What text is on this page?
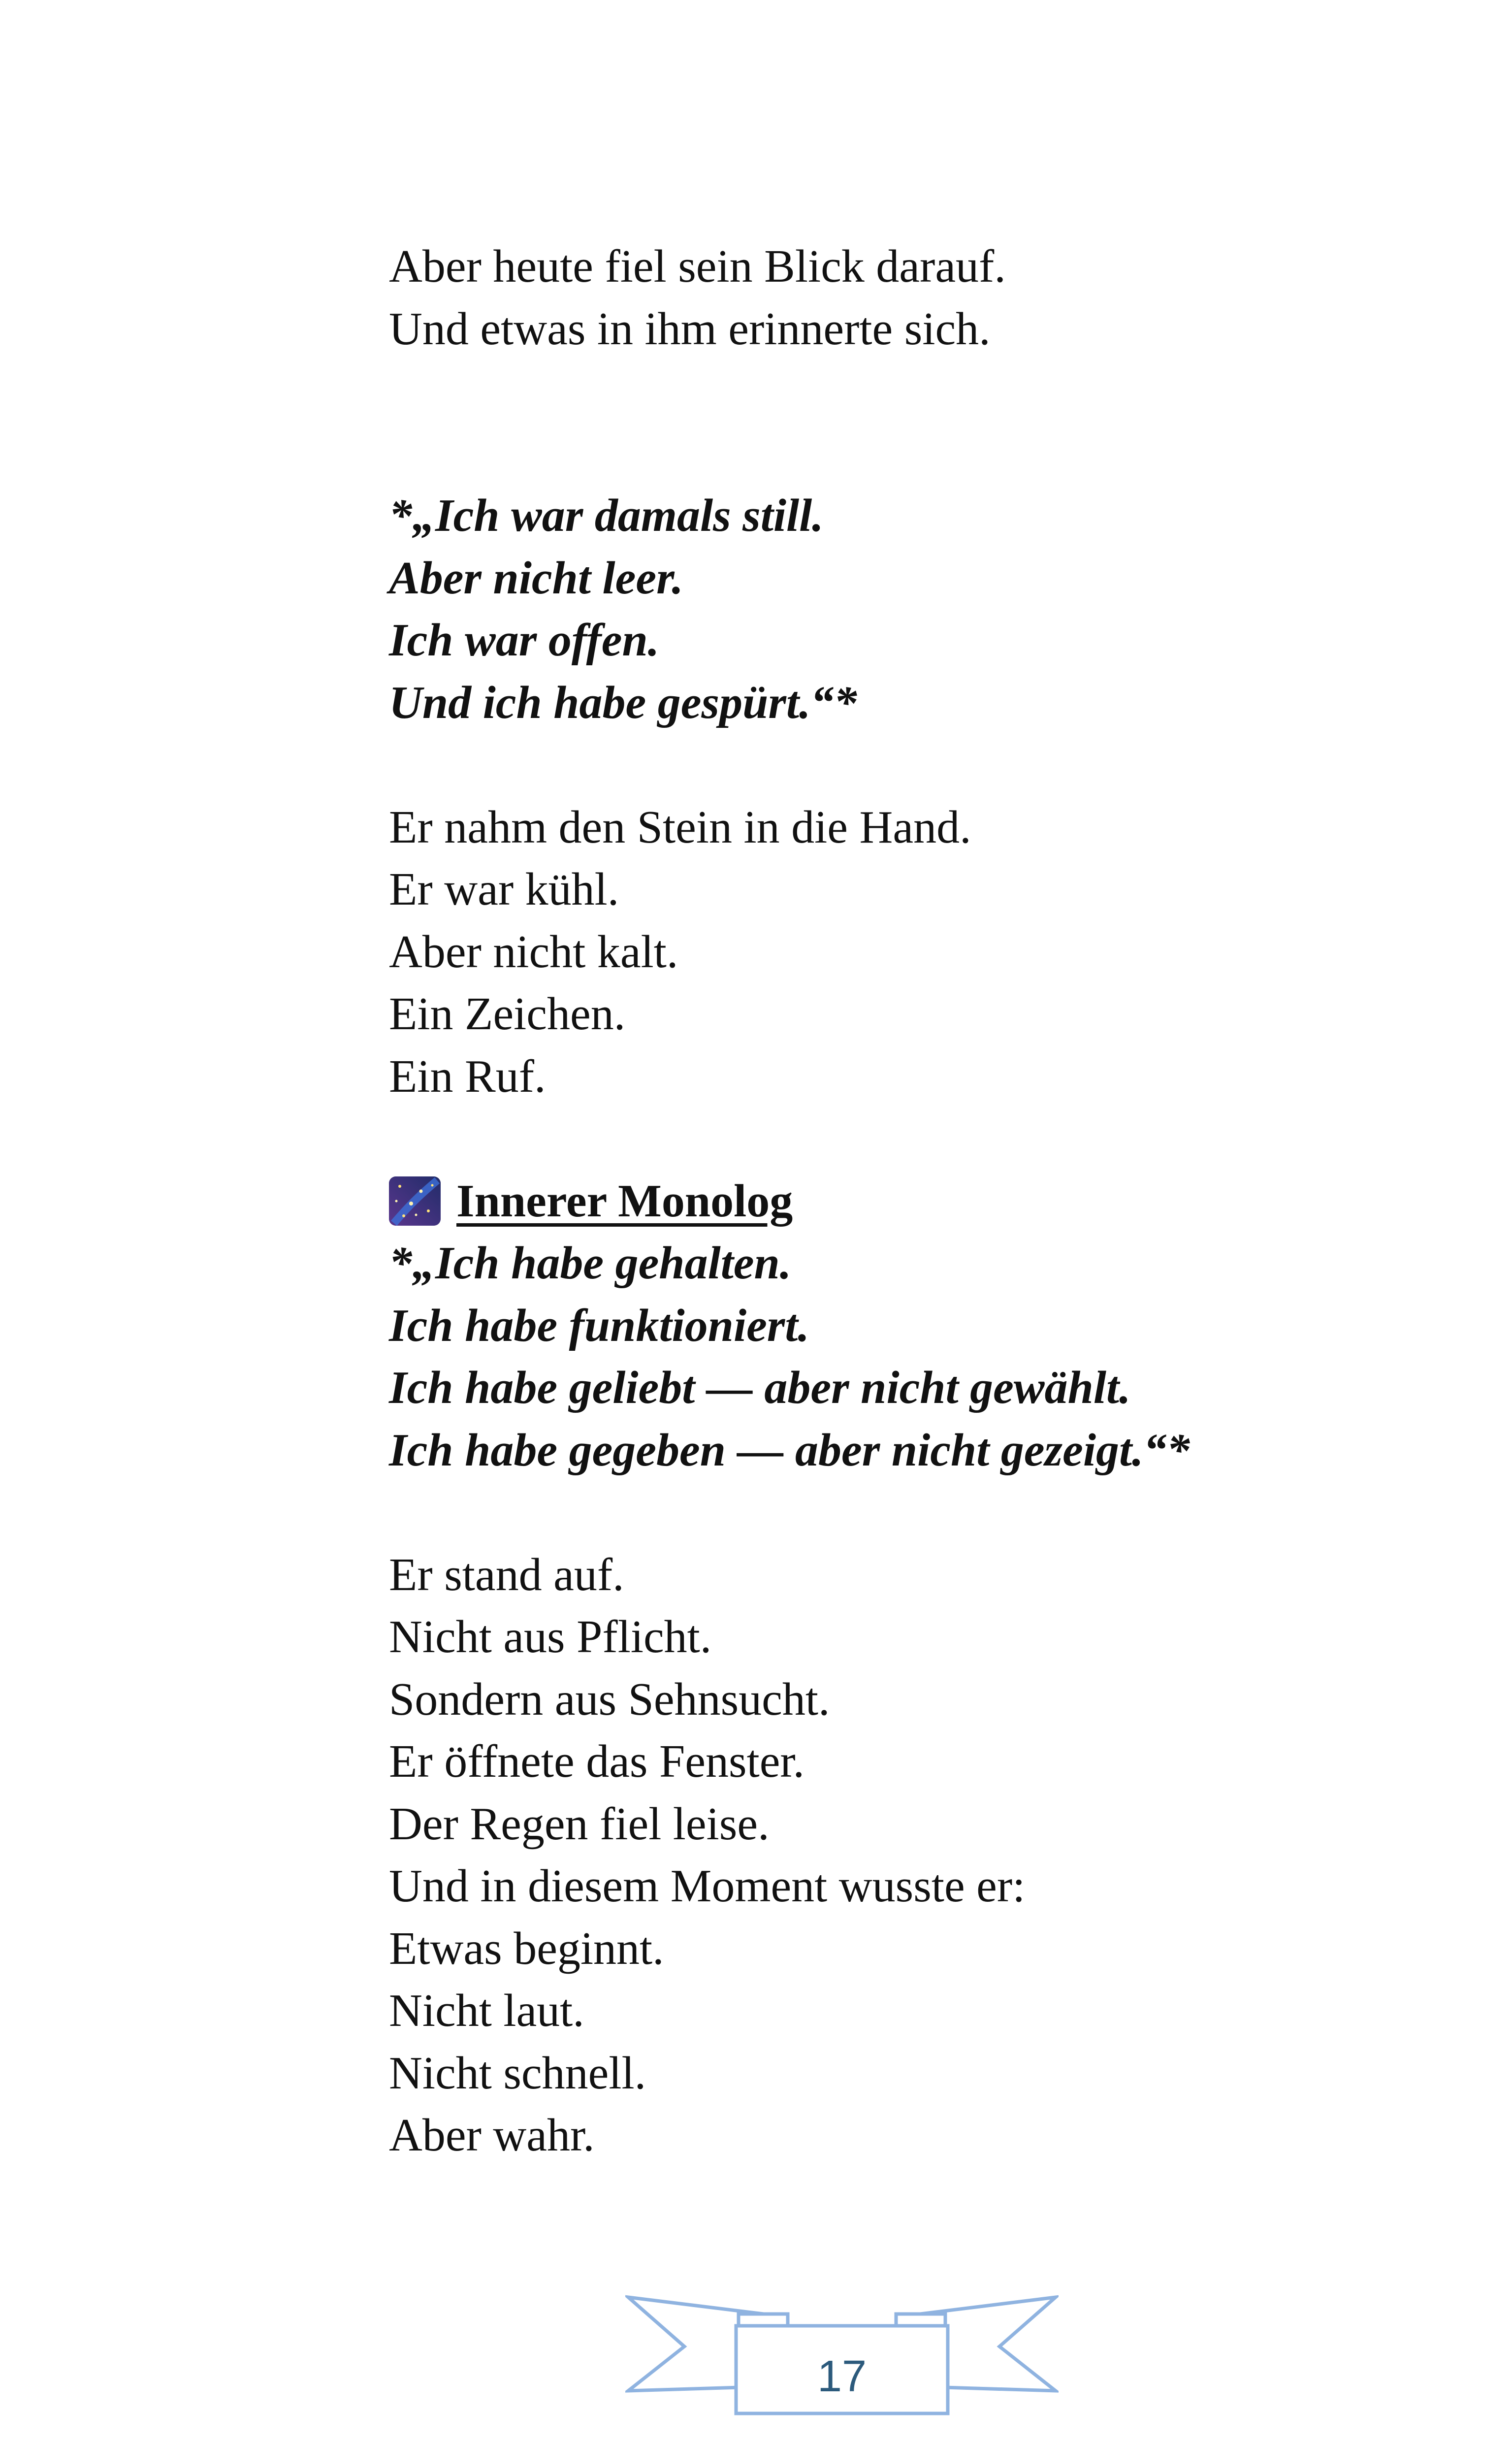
Aber heute fiel sein Blick darauf.
Und etwas in ihm erinnerte sich.
*„Ich war damals still.
Aber nicht leer.
Ich war offen.
Und ich habe gespürt.“*
Er nahm den Stein in die Hand.
Er war kühl.
Aber nicht kalt.
Ein Zeichen.
Ein Ruf.
Innerer Monolog
*„Ich habe gehalten.
Ich habe funktioniert.
Ich habe geliebt — aber nicht gewählt.
Ich habe gegeben — aber nicht gezeigt.“*
Er stand auf.
Nicht aus Pflicht.
Sondern aus Sehnsucht.
Er öffnete das Fenster.
Der Regen fiel leise.
Und in diesem Moment wusste er:
Etwas beginnt.
Nicht laut.
Nicht schnell.
Aber wahr.
17
